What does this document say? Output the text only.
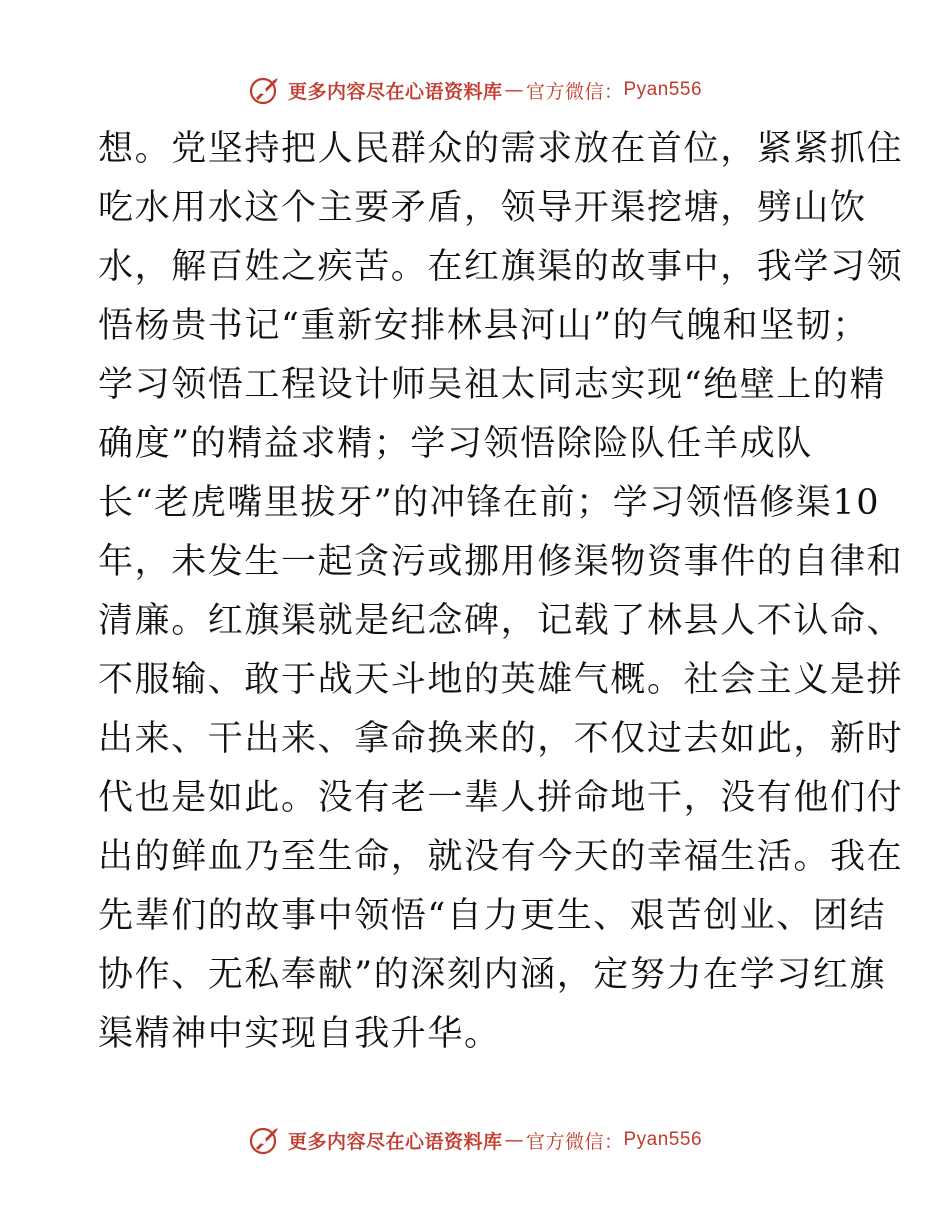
更多内容尽在心语资料库 — 官方微信： Pyan556
想。党坚持把人民群众的需求放在首位，紧紧抓住
吃水用水这个主要矛盾，领导开渠挖塘，劈山饮
水，解百姓之疾苦。在红旗渠的故事中，我学习领
悟杨贵书记“重新安排林县河山”的气魄和坚韧；
学习领悟工程设计师吴祖太同志实现“绝壁上的精
确度”的精益求精；学习领悟除险队任羊成队
长“老虎嘴里拔牙”的冲锋在前；学习领悟修渠10
年，未发生一起贪污或挪用修渠物资事件的自律和
清廉。红旗渠就是纪念碑，记载了林县人不认命、
不服输、敢于战天斗地的英雄气概。社会主义是拼
出来、干出来、拿命换来的，不仅过去如此，新时
代也是如此。没有老一辈人拼命地干，没有他们付
出的鲜血乃至生命，就没有今天的幸福生活。我在
先辈们的故事中领悟“自力更生、艰苦创业、团结
协作、无私奉献”的深刻内涵，定努力在学习红旗
渠精神中实现自我升华。
更多内容尽在心语资料库 — 官方微信： Pyan556
